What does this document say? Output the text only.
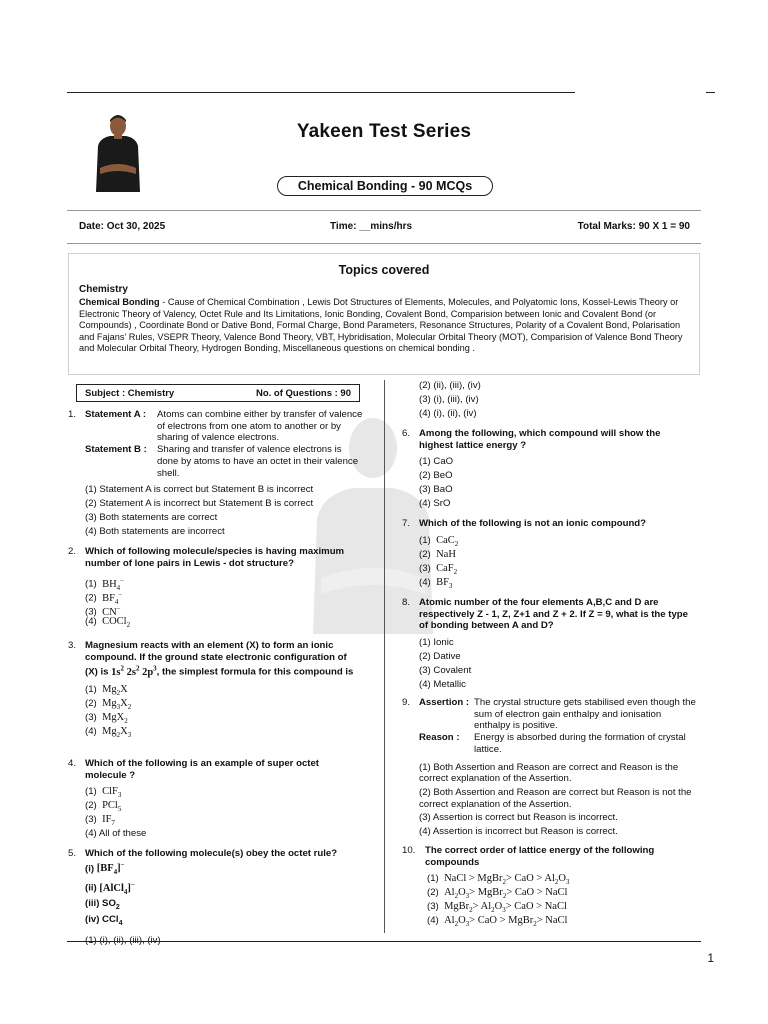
Yakeen Test Series
Chemical Bonding - 90 MCQs
Date: Oct 30, 2025	Time: __mins/hrs	Total Marks: 90 X 1 = 90
Topics covered
Chemistry
Chemical Bonding - Cause of Chemical Combination , Lewis Dot Structures of Elements, Molecules, and Polyatomic Ions, Kossel-Lewis Theory or Electronic Theory of Valency, Octet Rule and Its Limitations, Ionic Bonding, Covalent Bond, Comparision between Ionic and Covalent Bond (or Compounds) , Coordinate Bond or Dative Bond, Formal Charge, Bond Parameters, Resonance Structures, Polarity of a Covalent Bond, Polarisation and Fajans' Rules, VSEPR Theory, Valence Bond Theory, VBT, Hybridisation, Molecular Orbital Theory (MOT), Comparision of Valence Bond Theory and Molecular Orbital Theory, Hydrogen Bonding, Miscellaneous questions on chemical bonding .
Subject : Chemistry	No. of Questions : 90
1. Statement A :	Atoms can combine either by transfer of valence of electrons from one atom to another or by sharing of valence electrons.
Statement B :	Sharing and transfer of valence electrons is done by atoms to have an octet in their valence shell.
(1) Statement A is correct but Statement B is incorrect
(2) Statement A is incorrect but Statement B is correct
(3) Both statements are correct
(4) Both statements are incorrect
2. Which of following molecule/species is having maximum number of lone pairs in Lewis - dot structure?
(1) $BH_4^-$
(2) $BF_4^-$
(3) CN−
(4) COCl$_2$
3. Magnesium reacts with an element (X) to form an ionic compound. If the ground state electronic configuration of (X) is $1s^2$ $2s^2$ $2p^3$, the simplest formula for this compound is
(1) $Mg_2X$
(2) $Mg_3X_2$
(3) MgX$_2$
(4) $Mg_2X_3$
4. Which of the following is an example of super octet molecule ?
(1) ClF$_3$
(2) PCl$_5$
(3) $IF_7$
(4) All of these
5. Which of the following molecule(s) obey the octet rule?
(i) $[BF_4]^-$
(ii) [AlCl$_4$]−
(iii) $SO_2$
(iv) CCl$_4$
(1) (i), (ii), (iii), (iv)
(2) (ii), (iii), (iv)
(3) (i), (iii), (iv)
(4) (i), (ii), (iv)
6. Among the following, which compound will show the highest lattice energy ?
(1) CaO
(2) BeO
(3) BaO
(4) SrO
7. Which of the following is not an ionic compound?
(1) CaC$_2$
(2) NaH
(3) CaF$_2$
(4) $BF_3$
8. Atomic number of the four elements A,B,C and D are respectively Z - 1, Z, Z+1 and Z + 2. If Z = 9, what is the type of bonding between A and D?
(1) Ionic
(2) Dative
(3) Covalent
(4) Metallic
9. Assertion : The crystal structure gets stabilised even though the sum of electron gain enthalpy and ionisation enthalpy is positive.
Reason :	Energy is absorbed during the formation of crystal lattice.
(1) Both Assertion and Reason are correct and Reason is the correct explanation of the Assertion.
(2) Both Assertion and Reason are correct but Reason is not the correct explanation of the Assertion.
(3) Assertion is correct but Reason is incorrect.
(4) Assertion is incorrect but Reason is correct.
10. The correct order of lattice energy of the following compounds
(1) NaCl > MgBr$_2$> CaO > $Al_2O_3$
(2) $Al_2O_3>$ MgBr$_2$> CaO > NaCl
(3) MgBr$_2$> $Al_2O_3>$ CaO > NaCl
(4) $Al_2O_3>$ CaO > MgBr$_2$> NaCl
1
